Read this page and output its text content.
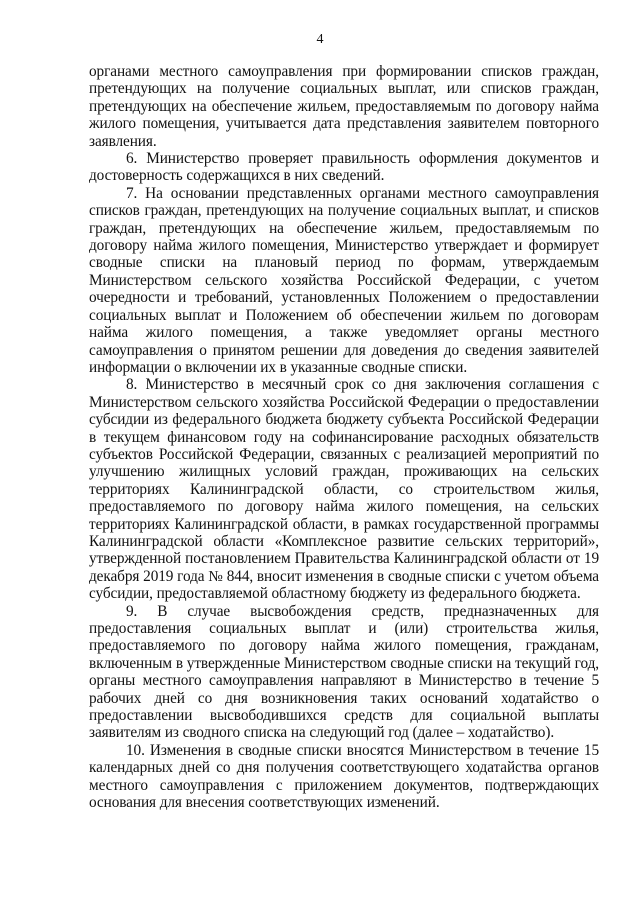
4

органами местного самоуправления при формировании списков граждан, претендующих на получение социальных выплат, или списков граждан, претендующих на обеспечение жильем, предоставляемым по договору найма жилого помещения, учитывается дата представления заявителем повторного заявления.

6. Министерство проверяет правильность оформления документов и достоверность содержащихся в них сведений.

7. На основании представленных органами местного самоуправления списков граждан, претендующих на получение социальных выплат, и списков граждан, претендующих на обеспечение жильем, предоставляемым по договору найма жилого помещения, Министерство утверждает и формирует сводные списки на плановый период по формам, утверждаемым Министерством сельского хозяйства Российской Федерации, с учетом очередности и требований, установленных Положением о предоставлении социальных выплат и Положением об обеспечении жильем по договорам найма жилого помещения, а также уведомляет органы местного самоуправления о принятом решении для доведения до сведения заявителей информации о включении их в указанные сводные списки.

8. Министерство в месячный срок со дня заключения соглашения с Министерством сельского хозяйства Российской Федерации о предоставлении субсидии из федерального бюджета бюджету субъекта Российской Федерации в текущем финансовом году на софинансирование расходных обязательств субъектов Российской Федерации, связанных с реализацией мероприятий по улучшению жилищных условий граждан, проживающих на сельских территориях Калининградской области, со строительством жилья, предоставляемого по договору найма жилого помещения, на сельских территориях Калининградской области, в рамках государственной программы Калининградской области «Комплексное развитие сельских территорий», утвержденной постановлением Правительства Калининградской области от 19 декабря 2019 года № 844, вносит изменения в сводные списки с учетом объема субсидии, предоставляемой областному бюджету из федерального бюджета.

9. В случае высвобождения средств, предназначенных для предоставления социальных выплат и (или) строительства жилья, предоставляемого по договору найма жилого помещения, гражданам, включенным в утвержденные Министерством сводные списки на текущий год, органы местного самоуправления направляют в Министерство в течение 5 рабочих дней со дня возникновения таких оснований ходатайство о предоставлении высвободившихся средств для социальной выплаты заявителям из сводного списка на следующий год (далее – ходатайство).

10. Изменения в сводные списки вносятся Министерством в течение 15 календарных дней со дня получения соответствующего ходатайства органов местного самоуправления с приложением документов, подтверждающих основания для внесения соответствующих изменений.
